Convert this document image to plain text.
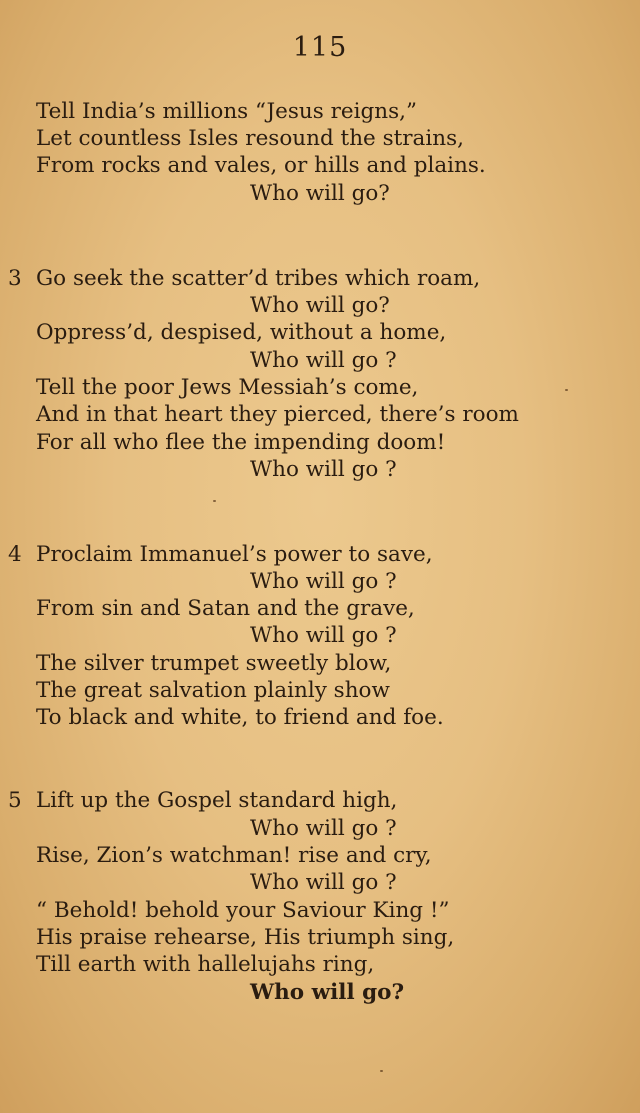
115
Tell India’s millions “Jesus reigns,”
Let countless Isles resound the strains,
From rocks and vales, or hills and plains.
Who will go?
3 Go seek the scatter’d tribes which roam,
Who will go?
Oppress’d, despised, without a home,
Who will go ?
Tell the poor Jews Messiah’s come,
And in that heart they pierced, there’s room
For all who flee the impending doom!
Who will go ?
4 Proclaim Immanuel’s power to save,
Who will go ?
From sin and Satan and the grave,
Who will go ?
The silver trumpet sweetly blow,
The great salvation plainly show
To black and white, to friend and foe.
5 Lift up the Gospel standard high,
Who will go ?
Rise, Zion’s watchman! rise and cry,
Who will go ?
“ Behold! behold your Saviour King !”
His praise rehearse, His triumph sing,
Till earth with hallelujahs ring,
Who will go?
